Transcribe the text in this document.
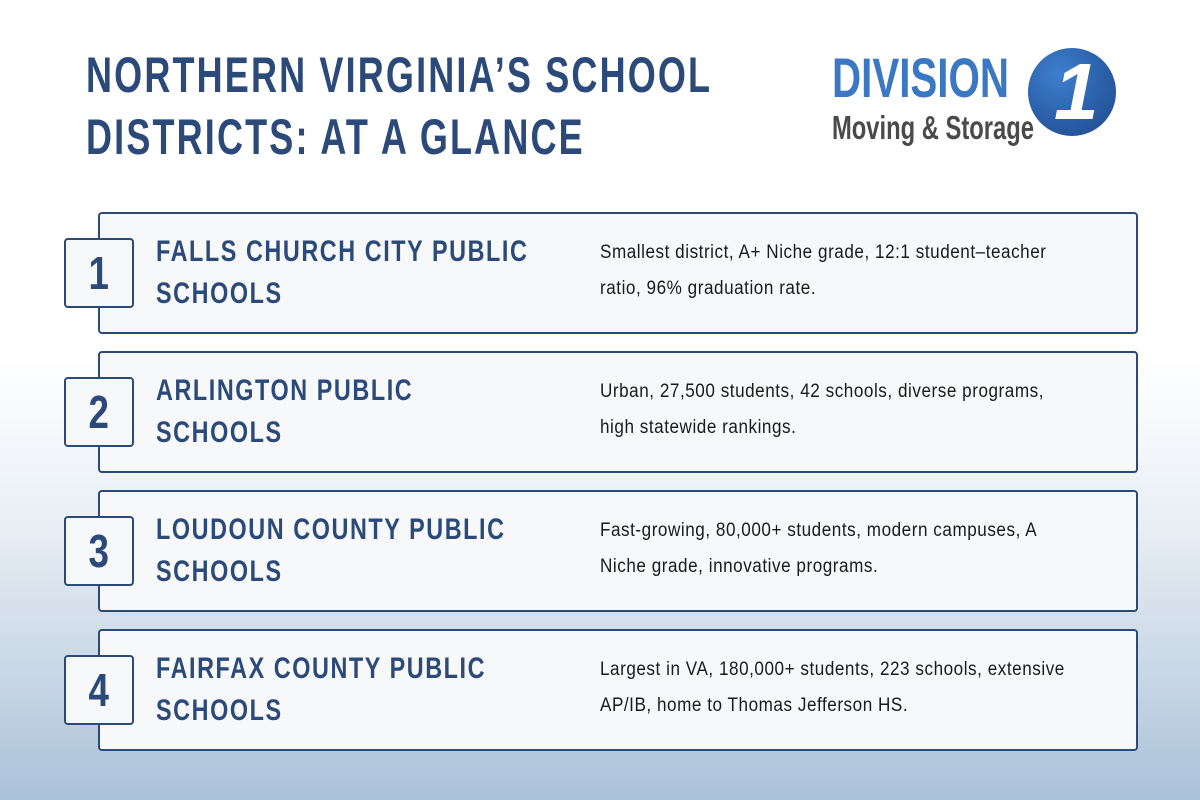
NORTHERN VIRGINIA’S SCHOOL
DISTRICTS: AT A GLANCE
DIVISION 1
Moving & Storage
1 FALLS CHURCH CITY PUBLIC SCHOOLS
Smallest district, A+ Niche grade, 12:1 student–teacher ratio, 96% graduation rate.
2 ARLINGTON PUBLIC SCHOOLS
Urban, 27,500 students, 42 schools, diverse programs, high statewide rankings.
3 LOUDOUN COUNTY PUBLIC SCHOOLS
Fast-growing, 80,000+ students, modern campuses, A Niche grade, innovative programs.
4 FAIRFAX COUNTY PUBLIC SCHOOLS
Largest in VA, 180,000+ students, 223 schools, extensive AP/IB, home to Thomas Jefferson HS.
